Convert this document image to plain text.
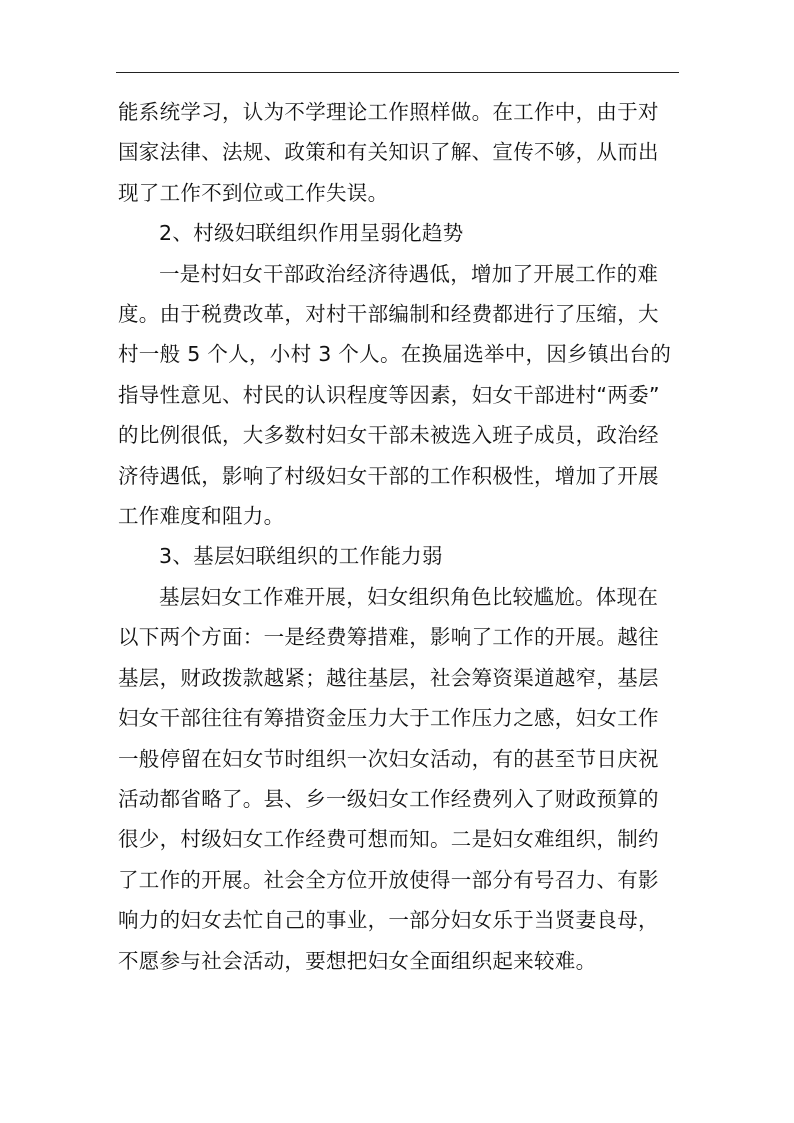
能系统学习，认为不学理论工作照样做。在工作中，由于对
国家法律、法规、政策和有关知识了解、宣传不够，从而出
现了工作不到位或工作失误。

2、村级妇联组织作用呈弱化趋势

一是村妇女干部政治经济待遇低，增加了开展工作的难
度。由于税费改革，对村干部编制和经费都进行了压缩，大
村一般 5 个人，小村 3 个人。在换届选举中，因乡镇出台的
指导性意见、村民的认识程度等因素，妇女干部进村“两委”
的比例很低，大多数村妇女干部未被选入班子成员，政治经
济待遇低，影响了村级妇女干部的工作积极性，增加了开展
工作难度和阻力。

3、基层妇联组织的工作能力弱

基层妇女工作难开展，妇女组织角色比较尴尬。体现在
以下两个方面：一是经费筹措难，影响了工作的开展。越往
基层，财政拨款越紧；越往基层，社会筹资渠道越窄，基层
妇女干部往往有筹措资金压力大于工作压力之感，妇女工作
一般停留在妇女节时组织一次妇女活动，有的甚至节日庆祝
活动都省略了。县、乡一级妇女工作经费列入了财政预算的
很少，村级妇女工作经费可想而知。二是妇女难组织，制约
了工作的开展。社会全方位开放使得一部分有号召力、有影
响力的妇女去忙自己的事业，一部分妇女乐于当贤妻良母，
不愿参与社会活动，要想把妇女全面组织起来较难。
